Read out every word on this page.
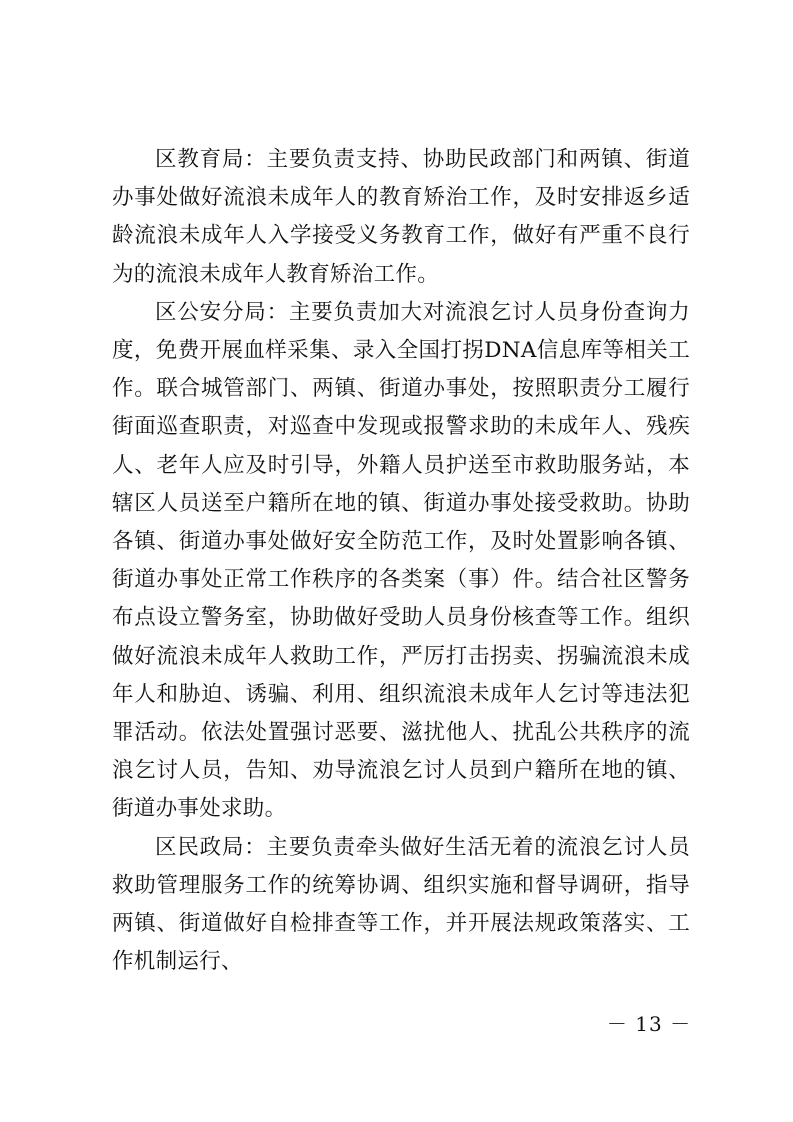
区教育局：主要负责支持、协助民政部门和两镇、街道办事处做好流浪未成年人的教育矫治工作，及时安排返乡适龄流浪未成年人入学接受义务教育工作，做好有严重不良行为的流浪未成年人教育矫治工作。

区公安分局：主要负责加大对流浪乞讨人员身份查询力度，免费开展血样采集、录入全国打拐DNA信息库等相关工作。联合城管部门、两镇、街道办事处，按照职责分工履行街面巡查职责，对巡查中发现或报警求助的未成年人、残疾人、老年人应及时引导，外籍人员护送至市救助服务站，本辖区人员送至户籍所在地的镇、街道办事处接受救助。协助各镇、街道办事处做好安全防范工作，及时处置影响各镇、街道办事处正常工作秩序的各类案（事）件。结合社区警务布点设立警务室，协助做好受助人员身份核查等工作。组织做好流浪未成年人救助工作，严厉打击拐卖、拐骗流浪未成年人和胁迫、诱骗、利用、组织流浪未成年人乞讨等违法犯罪活动。依法处置强讨恶要、滋扰他人、扰乱公共秩序的流浪乞讨人员，告知、劝导流浪乞讨人员到户籍所在地的镇、街道办事处求助。

区民政局：主要负责牵头做好生活无着的流浪乞讨人员救助管理服务工作的统筹协调、组织实施和督导调研，指导两镇、街道做好自检排查等工作，并开展法规政策落实、工作机制运行、

－ 13 －
